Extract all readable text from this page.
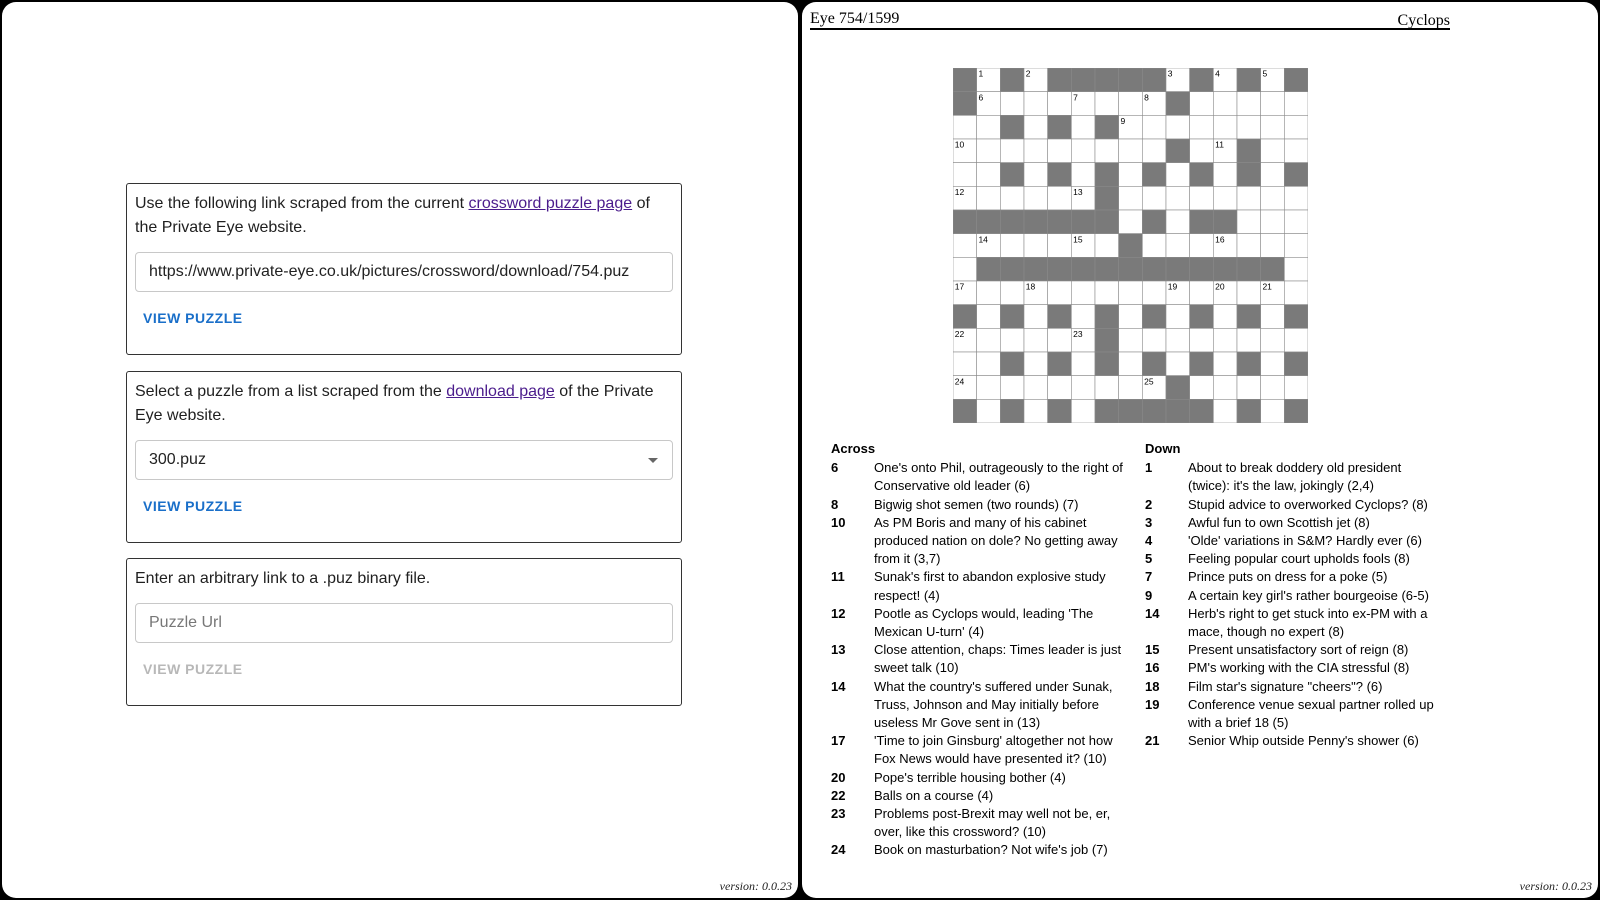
Use the following link scraped from the current crossword puzzle page of the Private Eye website.

https://www.private-eye.co.uk/pictures/crossword/download/754.puz
VIEW PUZZLE

Select a puzzle from a list scraped from the download page of the Private Eye website.

300.puz
VIEW PUZZLE

Enter an arbitrary link to a .puz binary file.

Puzzle Url
VIEW PUZZLE
version: 0.0.23
Eye 754/1599	Cyclops
1	2	3	4	5
6	7	8
9
10	11
12	13
14	15	16
17	18	19	20	21
22	23
24	25
Across
6	One's onto Phil, outrageously to the right of Conservative old leader (6)
8	Bigwig shot semen (two rounds) (7)
10	As PM Boris and many of his cabinet produced nation on dole? No getting away from it (3,7)
11	Sunak's first to abandon explosive study respect! (4)
12	Pootle as Cyclops would, leading 'The Mexican U-turn' (4)
13	Close attention, chaps: Times leader is just sweet talk (10)
14	What the country's suffered under Sunak, Truss, Johnson and May initially before useless Mr Gove sent in (13)
17	'Time to join Ginsburg' altogether not how Fox News would have presented it? (10)
20	Pope's terrible housing bother (4)
22	Balls on a course (4)
23	Problems post-Brexit may well not be, er, over, like this crossword? (10)
24	Book on masturbation? Not wife's job (7)
Down
1	About to break doddery old president (twice): it's the law, jokingly (2,4)
2	Stupid advice to overworked Cyclops? (8)
3	Awful fun to own Scottish jet (8)
4	'Olde' variations in S&M? Hardly ever (6)
5	Feeling popular court upholds fools (8)
7	Prince puts on dress for a poke (5)
9	A certain key girl's rather bourgeoise (6-5)
14	Herb's right to get stuck into ex-PM with a mace, though no expert (8)
15	Present unsatisfactory sort of reign (8)
16	PM's working with the CIA stressful (8)
18	Film star's signature "cheers"? (6)
19	Conference venue sexual partner rolled up with a brief 18 (5)
21	Senior Whip outside Penny's shower (6)
version: 0.0.23
